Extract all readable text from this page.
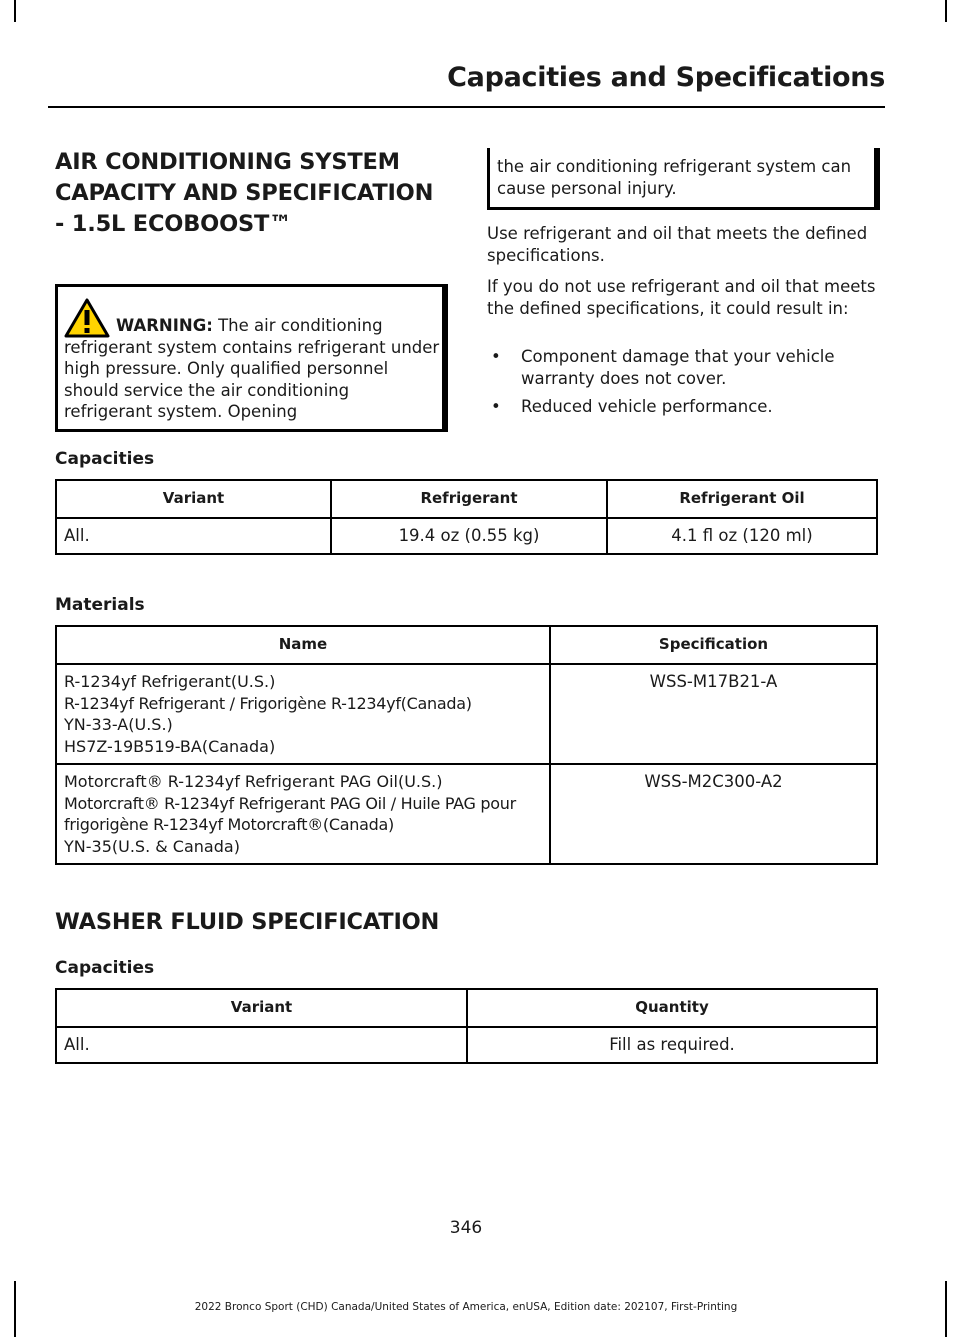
Capacities and Specifications
AIR CONDITIONING SYSTEM CAPACITY AND SPECIFICATION - 1.5L ECOBOOST™
WARNING: The air conditioning refrigerant system contains refrigerant under high pressure. Only qualified personnel should service the air conditioning refrigerant system. Opening
the air conditioning refrigerant system can cause personal injury.

Use refrigerant and oil that meets the defined specifications.

If you do not use refrigerant and oil that meets the defined specifications, it could result in:

• Component damage that your vehicle warranty does not cover.
• Reduced vehicle performance.

Capacities

Variant	Refrigerant	Refrigerant Oil
All.	19.4 oz (0.55 kg)	4.1 fl oz (120 ml)

Materials

Name	Specification

R-1234yf Refrigerant(U.S.)
R-1234yf Refrigerant / Frigorigène R-1234yf(Canada)
YN-33-A(U.S.)
HS7Z-19B519-BA(Canada)	WSS-M17B21-A

Motorcraft® R-1234yf Refrigerant PAG Oil(U.S.)
Motorcraft® R-1234yf Refrigerant PAG Oil / Huile PAG pour frigorigène R-1234yf Motorcraft®(Canada)
YN-35(U.S. & Canada)	WSS-M2C300-A2
WASHER FLUID SPECIFICATION

Capacities

Variant	Quantity
All.	Fill as required.
346
2022 Bronco Sport (CHD) Canada/United States of America, enUSA, Edition date: 202107, First-Printing
